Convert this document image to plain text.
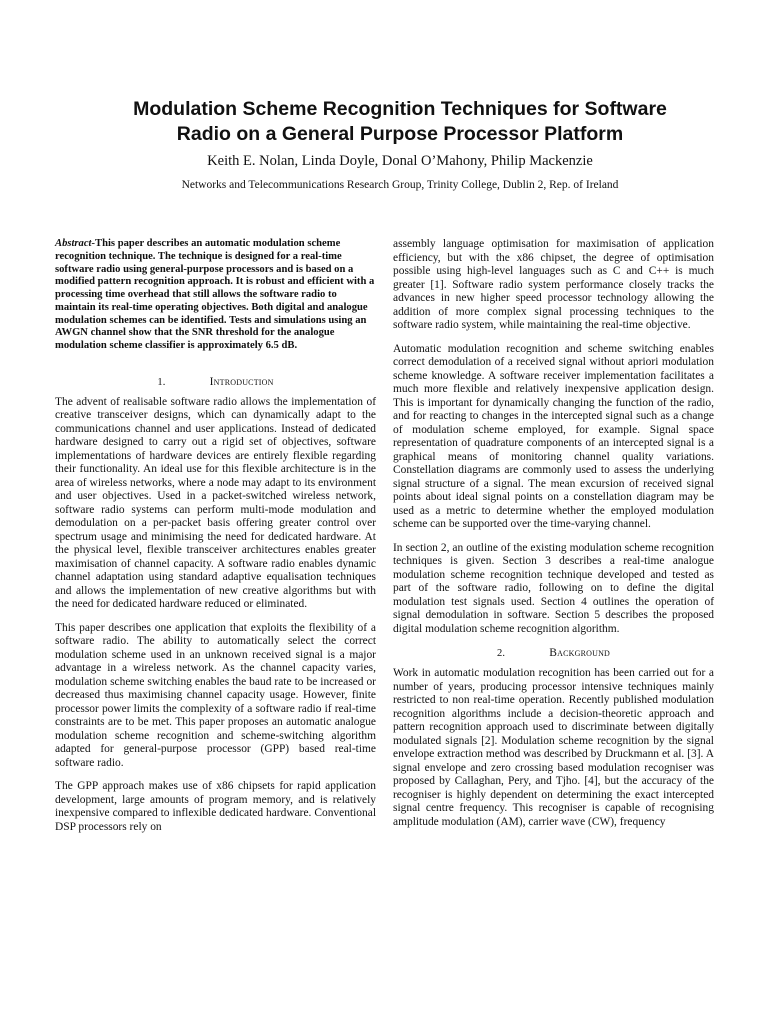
Modulation Scheme Recognition Techniques for Software
Radio on a General Purpose Processor Platform
Keith E. Nolan, Linda Doyle, Donal O’Mahony, Philip Mackenzie
Networks and Telecommunications Research Group, Trinity College, Dublin 2, Rep. of Ireland

Abstract-This paper describes an automatic modulation scheme recognition technique. The technique is designed for a real-time software radio using general-purpose processors and is based on a modified pattern recognition approach. It is robust and efficient with a processing time overhead that still allows the software radio to maintain its real-time operating objectives. Both digital and analogue modulation schemes can be identified. Tests and simulations using an AWGN channel show that the SNR threshold for the analogue modulation scheme classifier is approximately 6.5 dB.

1.	Introduction

The advent of realisable software radio allows the implementation of creative transceiver designs, which can dynamically adapt to the communications channel and user applications. Instead of dedicated hardware designed to carry out a rigid set of objectives, software implementations of hardware devices are entirely flexible regarding their functionality. An ideal use for this flexible architecture is in the area of wireless networks, where a node may adapt to its environment and user objectives. Used in a packet-switched wireless network, software radio systems can perform multi-mode modulation and demodulation on a per-packet basis offering greater control over spectrum usage and minimising the need for dedicated hardware. At the physical level, flexible transceiver architectures enables greater maximisation of channel capacity. A software radio enables dynamic channel adaptation using standard adaptive equalisation techniques and allows the implementation of new creative algorithms but with the need for dedicated hardware reduced or eliminated.

This paper describes one application that exploits the flexibility of a software radio. The ability to automatically select the correct modulation scheme used in an unknown received signal is a major advantage in a wireless network. As the channel capacity varies, modulation scheme switching enables the baud rate to be increased or decreased thus maximising channel capacity usage. However, finite processor power limits the complexity of a software radio if real-time constraints are to be met. This paper proposes an automatic analogue modulation scheme recognition and scheme-switching algorithm adapted for general-purpose processor (GPP) based real-time software radio.

The GPP approach makes use of x86 chipsets for rapid application development, large amounts of program memory, and is relatively inexpensive compared to inflexible dedicated hardware. Conventional DSP processors rely on

assembly language optimisation for maximisation of application efficiency, but with the x86 chipset, the degree of optimisation possible using high-level languages such as C and C++ is much greater [1]. Software radio system performance closely tracks the advances in new higher speed processor technology allowing the addition of more complex signal processing techniques to the software radio system, while maintaining the real-time objective.

Automatic modulation recognition and scheme switching enables correct demodulation of a received signal without apriori modulation scheme knowledge. A software receiver implementation facilitates a much more flexible and relatively inexpensive application design. This is important for dynamically changing the function of the radio, and for reacting to changes in the intercepted signal such as a change of modulation scheme employed, for example. Signal space representation of quadrature components of an intercepted signal is a graphical means of monitoring channel quality variations. Constellation diagrams are commonly used to assess the underlying signal structure of a signal. The mean excursion of received signal points about ideal signal points on a constellation diagram may be used as a metric to determine whether the employed modulation scheme can be supported over the time-varying channel.

In section 2, an outline of the existing modulation scheme recognition techniques is given. Section 3 describes a real-time analogue modulation scheme recognition technique developed and tested as part of the software radio, following on to define the digital modulation test signals used. Section 4 outlines the operation of signal demodulation in software. Section 5 describes the proposed digital modulation scheme recognition algorithm.

2.	Background

Work in automatic modulation recognition has been carried out for a number of years, producing processor intensive techniques mainly restricted to non real-time operation. Recently published modulation recognition algorithms include a decision-theoretic approach and pattern recognition approach used to discriminate between digitally modulated signals [2]. Modulation scheme recognition by the signal envelope extraction method was described by Druckmann et al. [3]. A signal envelope and zero crossing based modulation recogniser was proposed by Callaghan, Pery, and Tjho. [4], but the accuracy of the recogniser is highly dependent on determining the exact intercepted signal centre frequency. This recogniser is capable of recognising amplitude modulation (AM), carrier wave (CW), frequency
